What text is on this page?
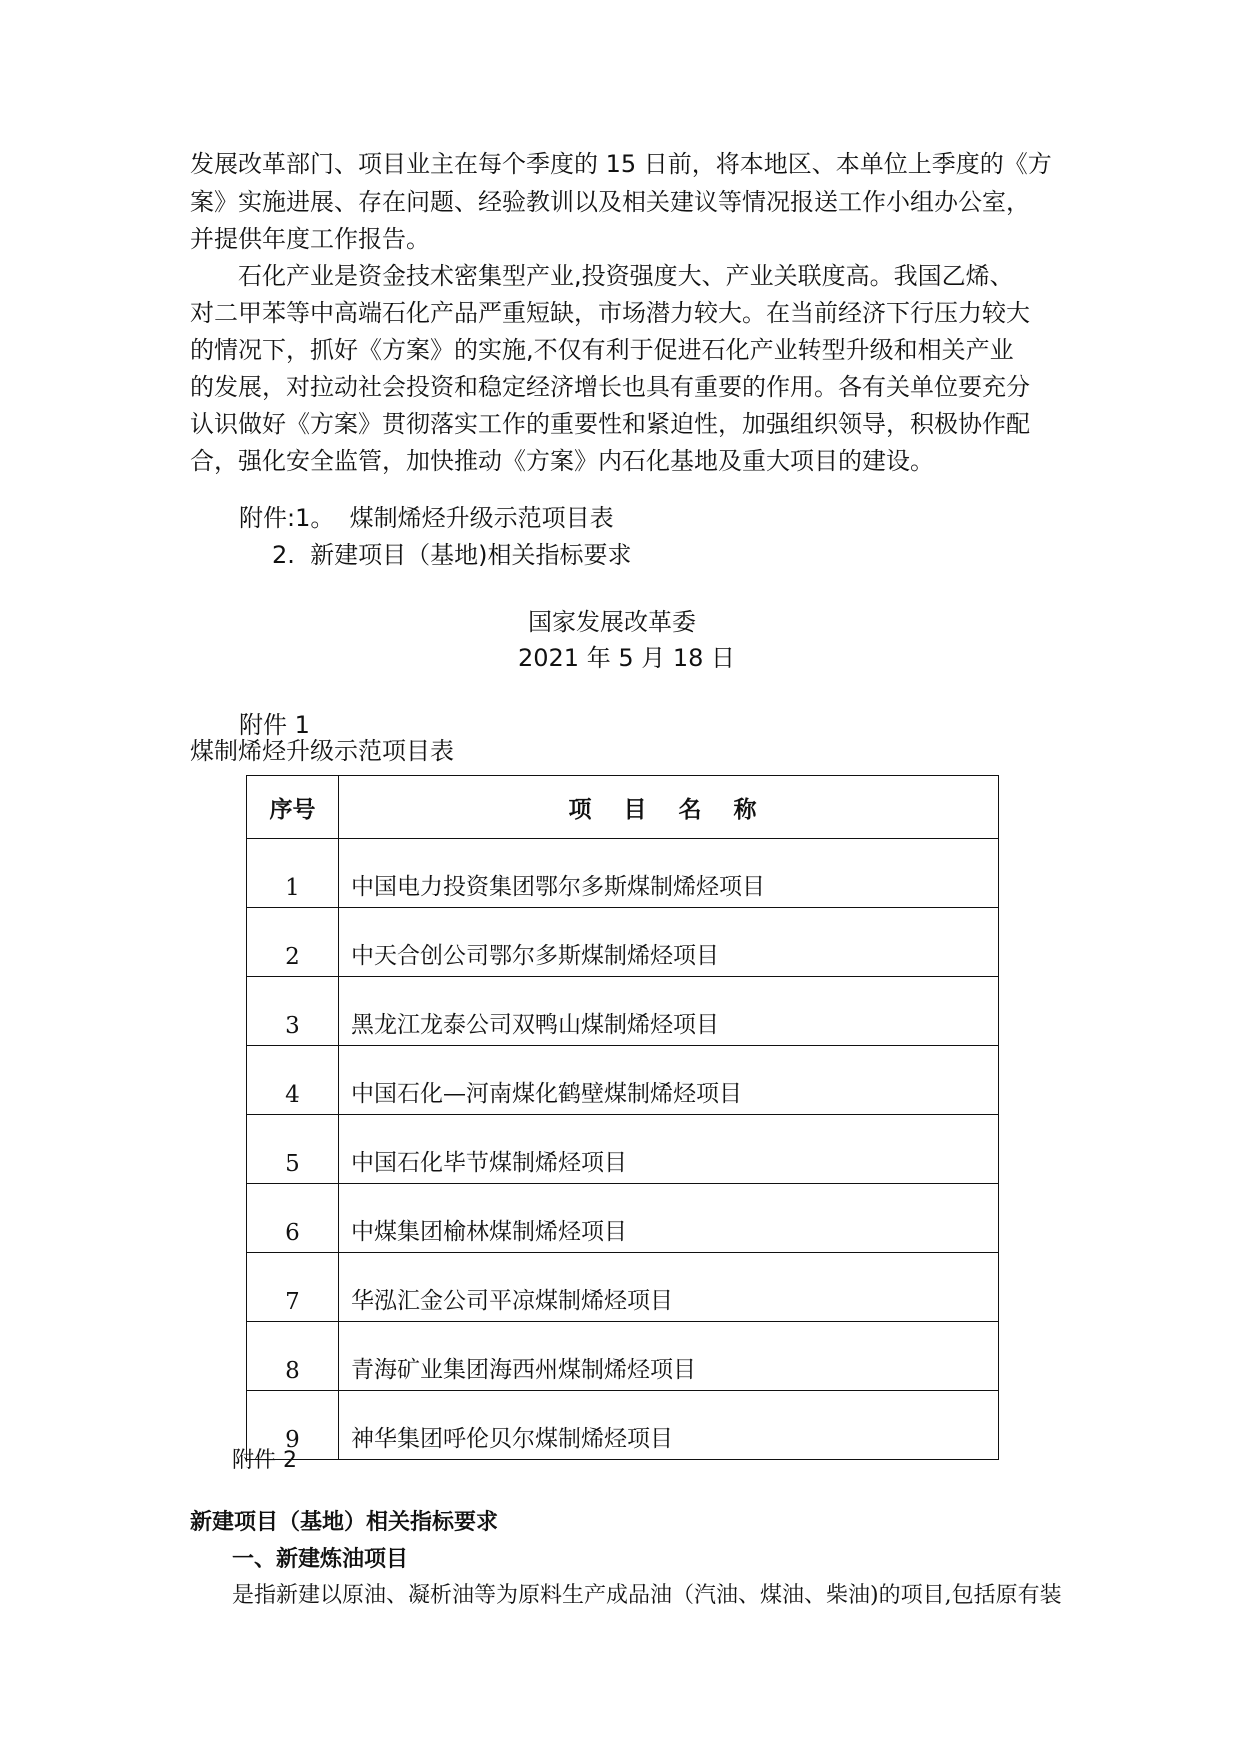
发展改革部门、项目业主在每个季度的 15 日前，将本地区、本单位上季度的《方
案》实施进展、存在问题、经验教训以及相关建议等情况报送工作小组办公室，
并提供年度工作报告。
石化产业是资金技术密集型产业,投资强度大、产业关联度高。我国乙烯、
对二甲苯等中高端石化产品严重短缺，市场潜力较大。在当前经济下行压力较大
的情况下，抓好《方案》的实施,不仅有利于促进石化产业转型升级和相关产业
的发展，对拉动社会投资和稳定经济增长也具有重要的作用。各有关单位要充分
认识做好《方案》贯彻落实工作的重要性和紧迫性，加强组织领导，积极协作配
合，强化安全监管，加快推动《方案》内石化基地及重大项目的建设。
附件:1。  煤制烯烃升级示范项目表
2.  新建项目（基地)相关指标要求
国家发展改革委
2021 年 5 月 18 日
附件 1
煤制烯烃升级示范项目表
序号	项 目 名 称
1	中国电力投资集团鄂尔多斯煤制烯烃项目
2	中天合创公司鄂尔多斯煤制烯烃项目
3	黑龙江龙泰公司双鸭山煤制烯烃项目
4	中国石化—河南煤化鹤壁煤制烯烃项目
5	中国石化毕节煤制烯烃项目
6	中煤集团榆林煤制烯烃项目
7	华泓汇金公司平凉煤制烯烃项目
8	青海矿业集团海西州煤制烯烃项目
9	神华集团呼伦贝尔煤制烯烃项目
附件 2
新建项目（基地）相关指标要求
一、新建炼油项目
是指新建以原油、凝析油等为原料生产成品油（汽油、煤油、柴油)的项目,包括原有装
